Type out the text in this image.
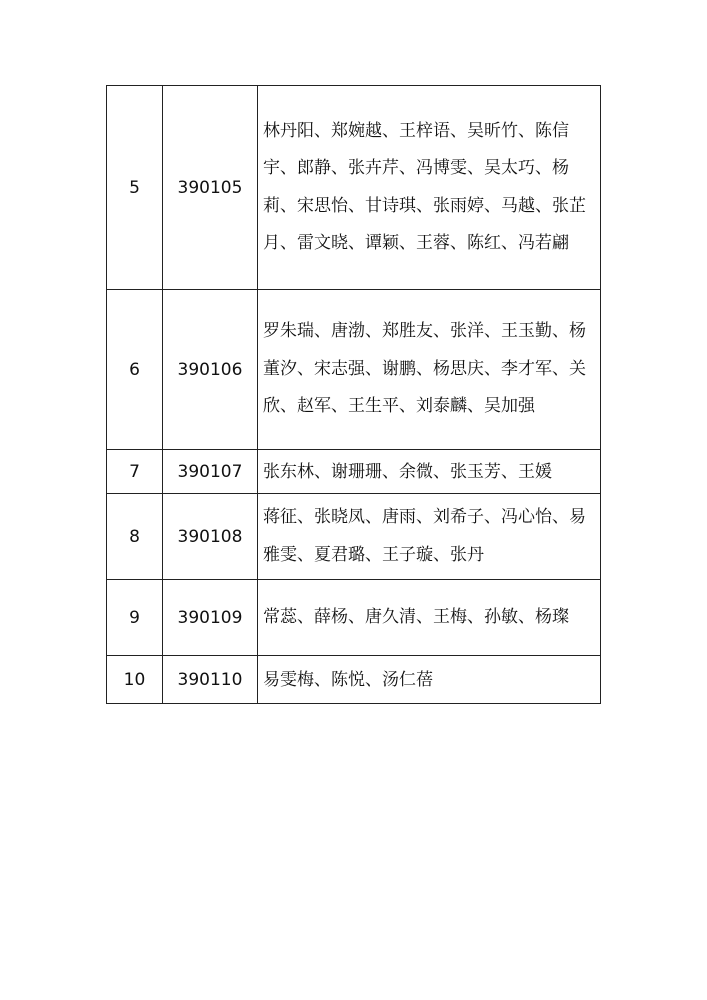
5	390105	林丹阳、郑婉越、王梓语、吴昕竹、陈信宇、郎静、张卉芹、冯博雯、吴太巧、杨莉、宋思怡、甘诗琪、张雨婷、马越、张芷月、雷文晓、谭颖、王蓉、陈红、冯若翩
6	390106	罗朱瑞、唐渤、郑胜友、张洋、王玉勤、杨董汐、宋志强、谢鹏、杨思庆、李才军、关欣、赵军、王生平、刘泰麟、吴加强
7	390107	张东林、谢珊珊、余微、张玉芳、王媛
8	390108	蒋征、张晓凤、唐雨、刘希子、冯心怡、易雅雯、夏君璐、王子璇、张丹
9	390109	常蕊、薛杨、唐久清、王梅、孙敏、杨璨
10	390110	易雯梅、陈悦、汤仁蓓
